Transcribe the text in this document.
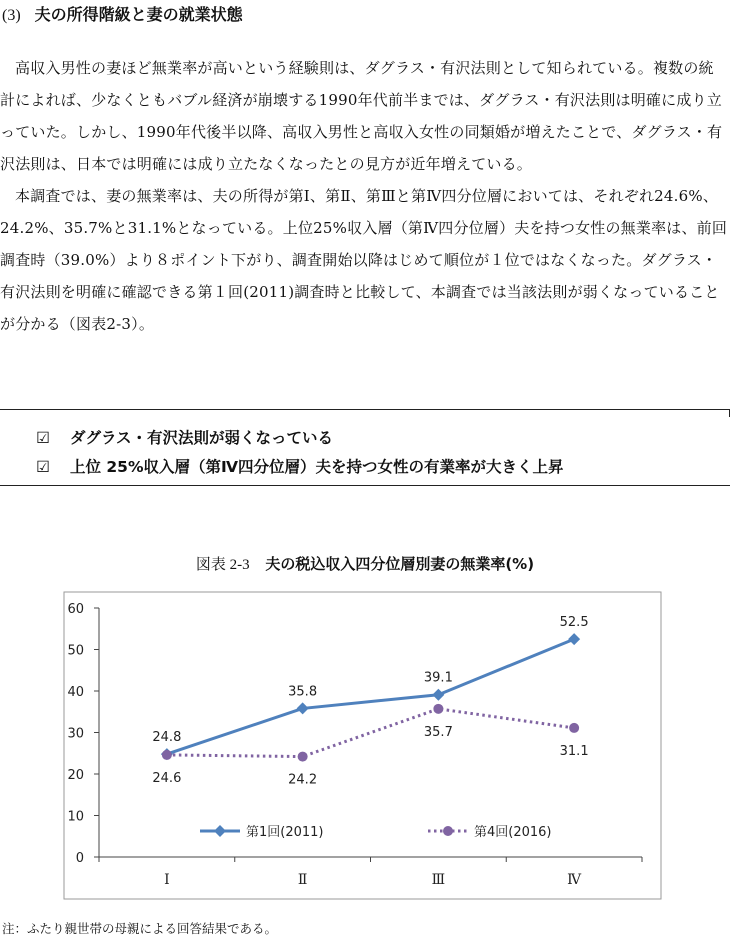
(3) 夫の所得階級と妻の就業状態

高収入男性の妻ほど無業率が高いという経験則は、ダグラス・有沢法則として知られている。複数の統計によれば、少なくともバブル経済が崩壊する1990年代前半までは、ダグラス・有沢法則は明確に成り立っていた。しかし、1990年代後半以降、高収入男性と高収入女性の同類婚が増えたことで、ダグラス・有沢法則は、日本では明確には成り立たなくなったとの見方が近年増えている。

本調査では、妻の無業率は、夫の所得が第Ⅰ、第Ⅱ、第Ⅲと第Ⅳ四分位層においては、それぞれ24.6%、24.2%、35.7%と31.1%となっている。上位25%収入層（第Ⅳ四分位層）夫を持つ女性の無業率は、前回調査時（39.0%）より８ポイント下がり、調査開始以降はじめて順位が１位ではなくなった。ダグラス・有沢法則を明確に確認できる第１回(2011)調査時と比較して、本調査では当該法則が弱くなっていることが分かる（図表2-3）。

☑ ダグラス・有沢法則が弱くなっている
☑ 上位 25%収入層（第Ⅳ四分位層）夫を持つ女性の有業率が大きく上昇
図表 2-3 夫の税込収入四分位層別妻の無業率(%)
0
10
20
30
40
50
60
Ⅰ	Ⅱ	Ⅲ	Ⅳ
24.8
35.8
39.1
52.5
24.6	24.2
35.7
31.1
第1回(2011)	第4回(2016)
注：ふたり親世帯の母親による回答結果である。
